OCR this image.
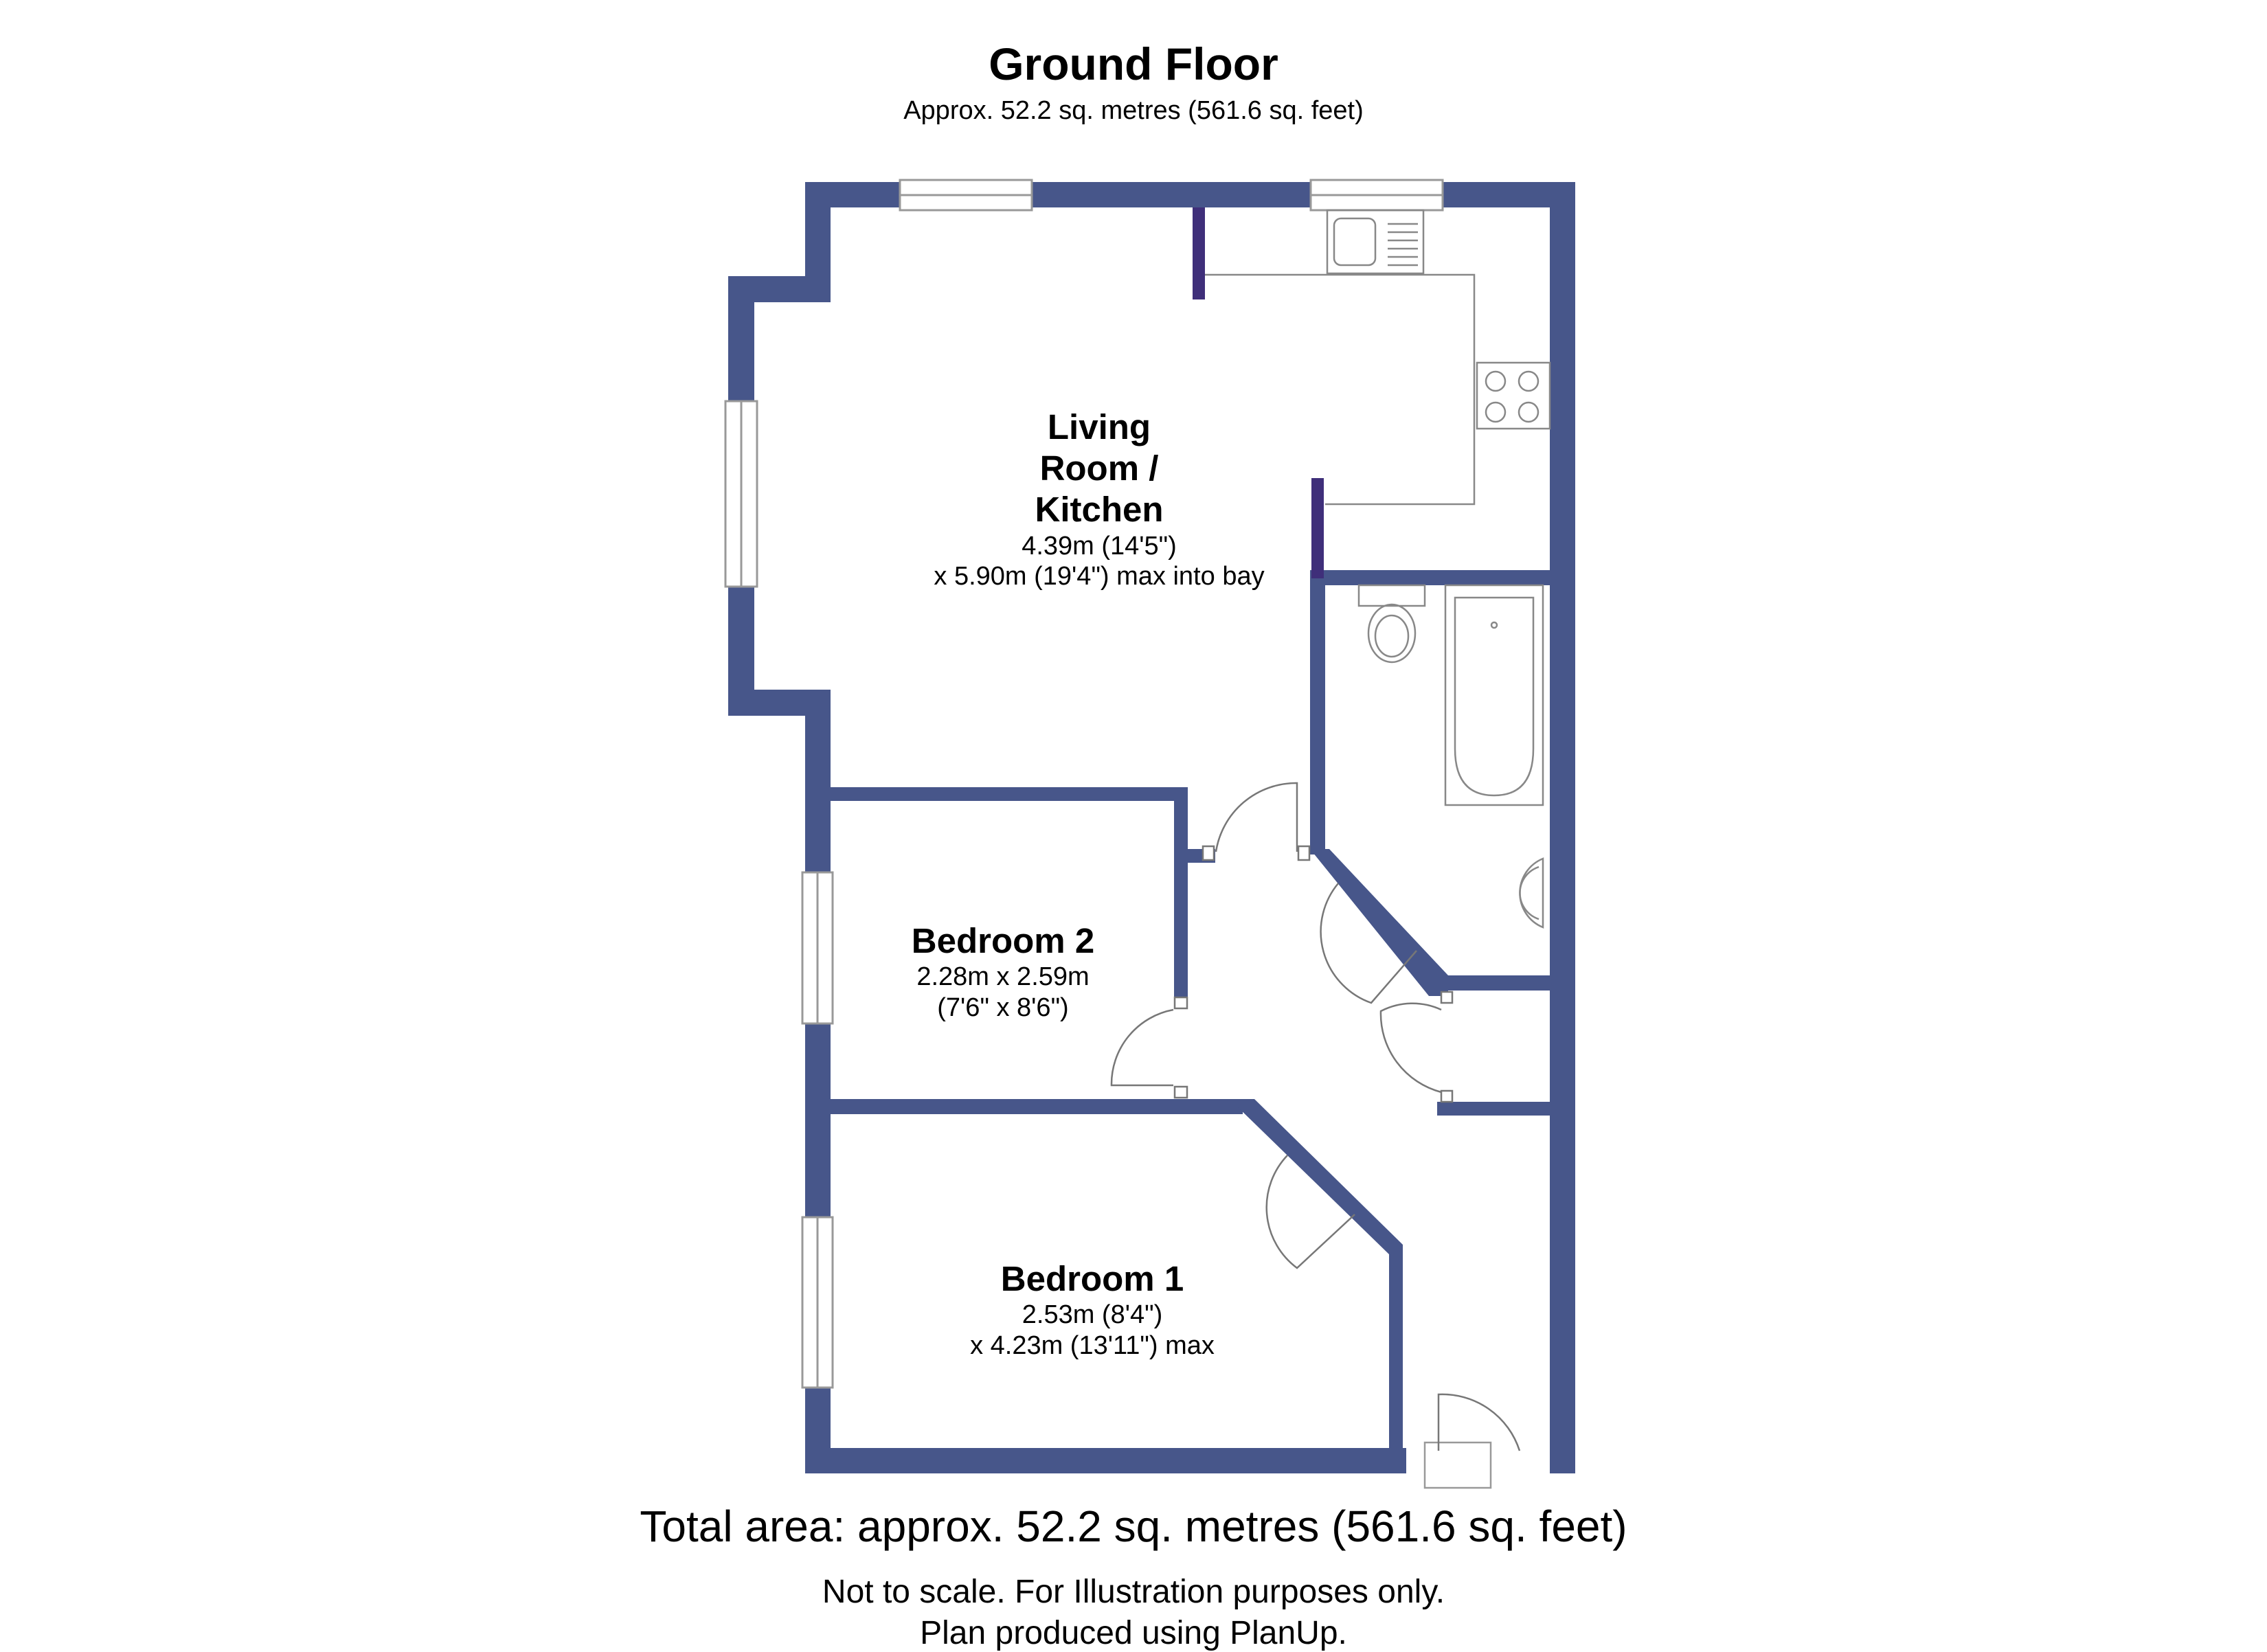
Ground Floor
Approx. 52.2 sq. metres (561.6 sq. feet)
Living
Room /
Kitchen
4.39m (14'5")
x 5.90m (19'4") max into bay
Bedroom 2
2.28m x 2.59m
(7'6" x 8'6")
Bedroom 1
2.53m (8'4")
x 4.23m (13'11") max
Total area: approx. 52.2 sq. metres (561.6 sq. feet)
Not to scale. For Illustration purposes only.
Plan produced using PlanUp.
